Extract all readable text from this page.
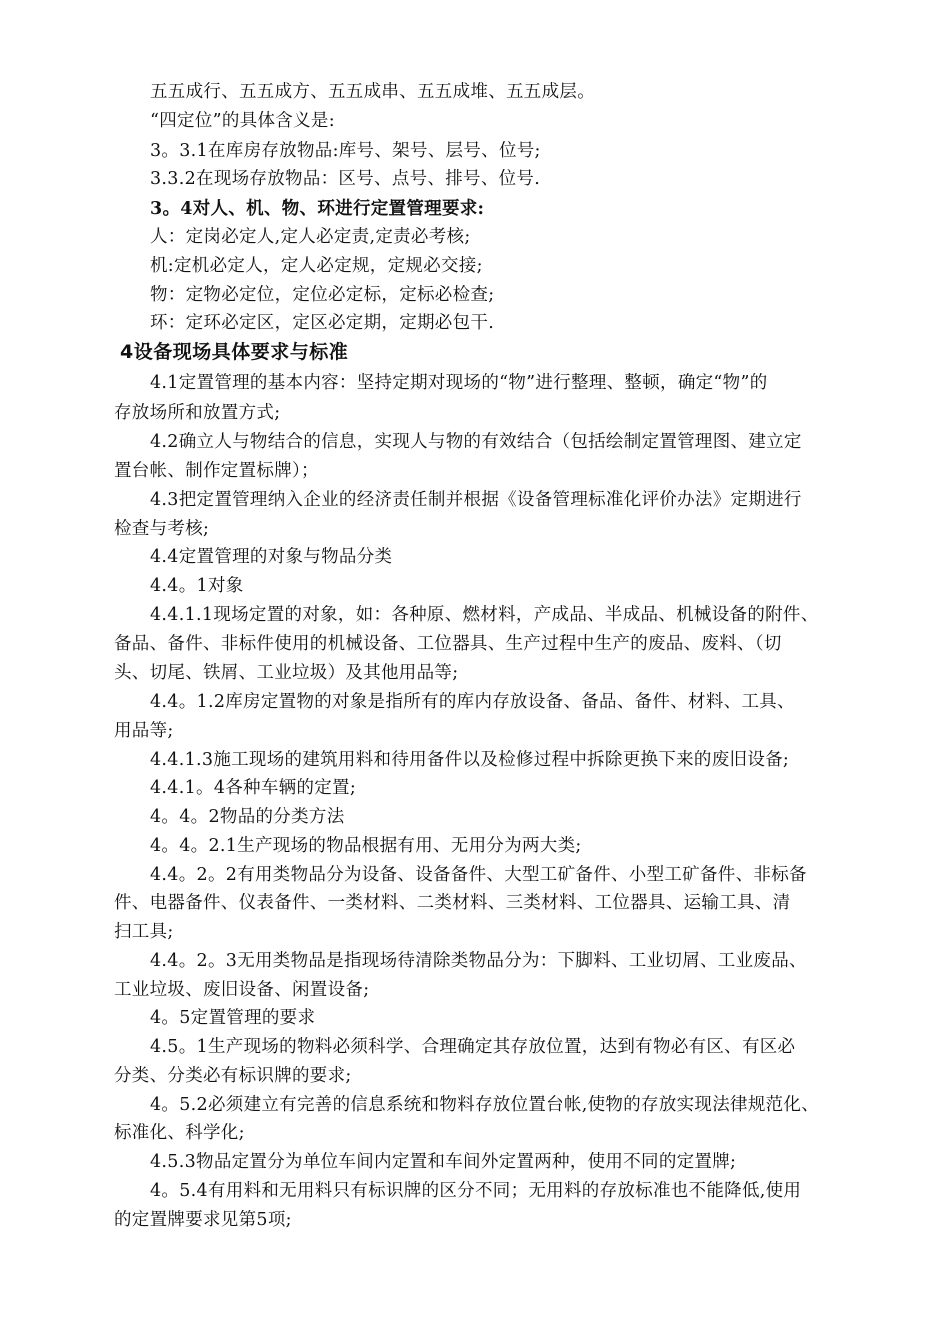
五五成行、五五成方、五五成串、五五成堆、五五成层。
“四定位”的具体含义是:
3。3.1在库房存放物品:库号、架号、层号、位号;
3.3.2在现场存放物品：区号、点号、排号、位号.
3。4对人、机、物、环进行定置管理要求:
人：定岗必定人,定人必定责,定责必考核;
机:定机必定人，定人必定规，定规必交接;
物：定物必定位，定位必定标，定标必检查;
环：定环必定区，定区必定期，定期必包干.
4设备现场具体要求与标准
4.1定置管理的基本内容：坚持定期对现场的“物”进行整理、整顿，确定“物”的
存放场所和放置方式;
4.2确立人与物结合的信息，实现人与物的有效结合（包括绘制定置管理图、建立定
置台帐、制作定置标牌）；
4.3把定置管理纳入企业的经济责任制并根据《设备管理标准化评价办法》定期进行
检查与考核;
4.4定置管理的对象与物品分类
4.4。1对象
4.4.1.1现场定置的对象，如：各种原、燃材料，产成品、半成品、机械设备的附件、
备品、备件、非标件使用的机械设备、工位器具、生产过程中生产的废品、废料、（切
头、切尾、铁屑、工业垃圾）及其他用品等;
4.4。1.2库房定置物的对象是指所有的库内存放设备、备品、备件、材料、工具、
用品等;
4.4.1.3施工现场的建筑用料和待用备件以及检修过程中拆除更换下来的废旧设备;
4.4.1。4各种车辆的定置;
4。4。2物品的分类方法
4。4。2.1生产现场的物品根据有用、无用分为两大类;
4.4。2。2有用类物品分为设备、设备备件、大型工矿备件、小型工矿备件、非标备
件、电器备件、仪表备件、一类材料、二类材料、三类材料、工位器具、运输工具、清
扫工具;
4.4。2。3无用类物品是指现场待清除类物品分为：下脚料、工业切屑、工业废品、
工业垃圾、废旧设备、闲置设备;
4。5定置管理的要求
4.5。1生产现场的物料必须科学、合理确定其存放位置，达到有物必有区、有区必
分类、分类必有标识牌的要求;
4。5.2必须建立有完善的信息系统和物料存放位置台帐,使物的存放实现法律规范化、
标准化、科学化;
4.5.3物品定置分为单位车间内定置和车间外定置两种，使用不同的定置牌;
4。5.4有用料和无用料只有标识牌的区分不同；无用料的存放标准也不能降低,使用
的定置牌要求见第5项;
